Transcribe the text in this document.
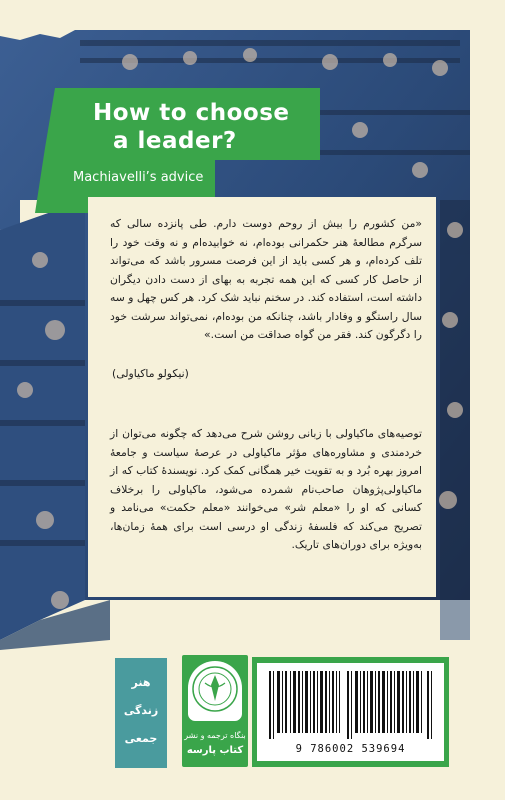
How to choose
a leader?
Machiavelli’s advice

«من کشورم را بیش از روحم دوست دارم. طی پانزده سالی که سرگرم مطالعهٔ هنر حکمرانی بوده‌ام، نه خوابیده‌ام و نه وقت خود را تلف کرده‌ام، و هر کسی باید از این فرصت مسرور باشد که می‌تواند از حاصل کار کسی که این همه تجربه به بهای از دست دادن دیگران داشته است، استفاده کند. در سخنم نباید شک کرد. هر کس چهل و سه سال راستگو و وفادار باشد، چنانکه من بوده‌ام، نمی‌تواند سرشت خود را دگرگون کند. فقر من گواه صداقت من است.»

(نیکولو ماکیاولی)

توصیه‌های ماکیاولی با زبانی روشن شرح می‌دهد که چگونه می‌توان از خردمندی و مشاوره‌های مؤثر ماکیاولی در عرصهٔ سیاست و جامعهٔ امروز بهره بُرد و به تقویت خیر همگانی کمک کرد. نویسندهٔ کتاب که از ماکیاولی‌پژوهان صاحب‌نام شمرده می‌شود، ماکیاولی را برخلاف کسانی که او را «معلم شر» می‌خوانند «معلم حکمت» می‌نامد و تصریح می‌کند که فلسفهٔ زندگی او درسی است برای همهٔ زمان‌ها، به‌ویژه برای دوران‌های تاریک.

هنر
زندگی
جمعی	بنگاه ترجمه و نشر
کتاب پارسه	9 786002 539694
